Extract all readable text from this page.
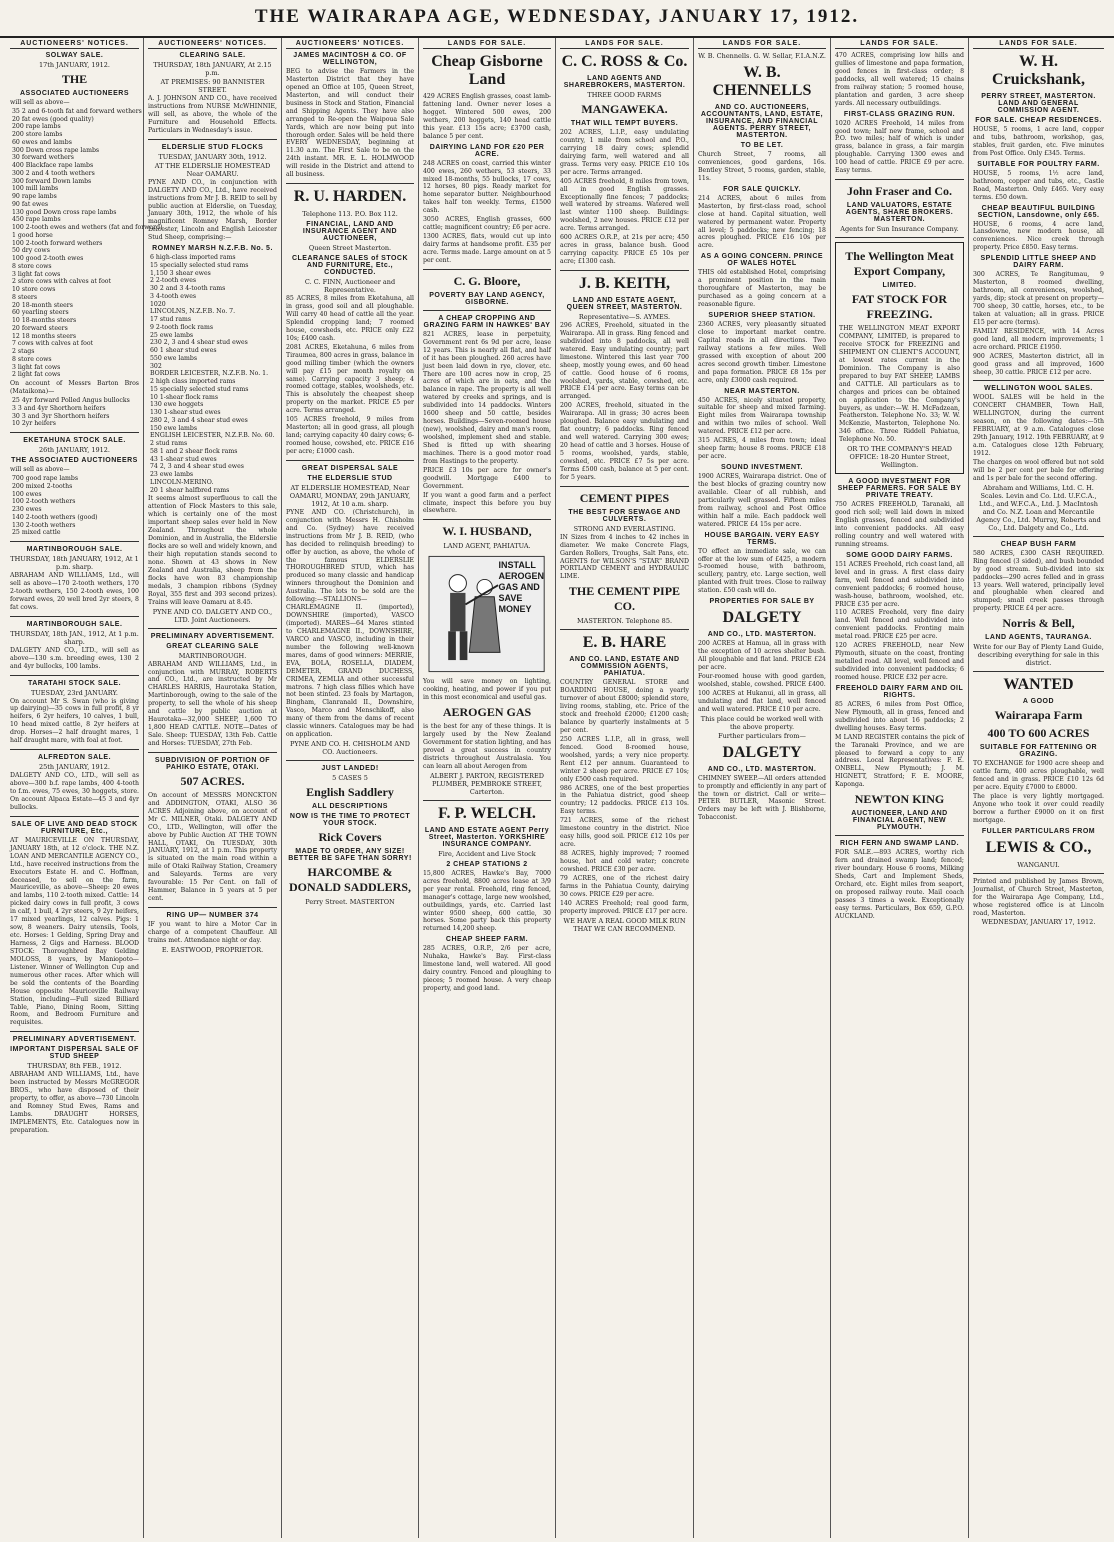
THE WAIRARAPA AGE, WEDNESDAY, JANUARY 17, 1912.
AUCTIONEERS' NOTICES.
SOLWAY SALE.
17th JANUARY, 1912.
THE
ASSOCIATED AUCTIONEERS
will sell as above—
35 2 and 6-tooth fat and forward wethers
20 fat ewes (good quality)
200 rape lambs
200 store lambs
60 ewes and lambs
300 Down cross rape lambs
30 forward wethers
400 Blackface rape lambs
300 2 and 4 tooth wethers
300 forward Down lambs
100 mill lambs
90 rape lambs
90 fat ewes
130 good Down cross rape lambs
450 rape lambs
100 2-tooth ewes and wethers (fat and forward)
1 good horse
100 2-tooth forward wethers
50 dry cows
100 good 2-tooth ewes
8 store cows
3 light fat cows
2 store cows with calves at foot
10 store cows
8 steers
20 18-month steers
60 yearling steers
10 18-months steers
20 forward steers
12 18 months steers
7 cows with calves at foot
2 stags
8 store cows
3 light fat cows
2 light fat cows
On account of Messrs Barton Bros (Mataikona)—
25 4yr forward Polled Angus bullocks
3 3 and 4yr Shorthorn heifers
30 3 and 3yr Shorthorn heifers
10 2yr heifers
EKETAHUNA STOCK SALE.
26th JANUARY, 1912.
THE ASSOCIATED AUCTIONEERS
will sell as above—
700 good rape lambs
200 mixed 2-tooths
100 ewes
100 2-tooth wethers
230 ewes
140 2-tooth wethers (good)
130 2-tooth wethers
25 mixed cattle
MARTINBOROUGH SALE.
THURSDAY, 18th JANUARY, 1912, At 1 p.m. sharp.
ABRAHAM AND WILLIAMS, Ltd., will sell as above—170 2-tooth wethers, 170 2-tooth wethers, 150 2-tooth ewes, 100 forward ewes, 20 well bred 2yr steers, 8 fat cows.
MARTINBOROUGH SALE.
THURSDAY, 18th JAN., 1912, At 1 p.m. sharp.
DALGETY AND CO., LTD., will sell as above—130 s.m. breeding ewes, 130 2 and 4yr bullocks, 100 lambs.
TARATAHI STOCK SALE.
TUESDAY, 23rd JANUARY.
On account Mr S. Swan (who is giving up dairying)—35 cows in full profit, 8 yr heifers, 6 2yr heifers, 10 calves, 1 bull, 10 head mixed cattle, 8 2yr heifers at drop. Horses—2 half draught mares, 1 half draught mare, with foal at foot.
ALFREDTON SALE.
25th JANUARY, 1912.
DALGETY AND CO., LTD., will sell as above—300 b.f. rape lambs, 400 4-tooth to f.m. ewes, 75 ewes, 30 hoggets, store. On account Alpaca Estate—45 3 and 4yr bullocks.
SALE OF LIVE AND DEAD STOCK FURNITURE, Etc.,
AT MAURICEVILLE ON THURSDAY, JANUARY 18th, at 12 o'clock. THE N.Z. LOAN AND MERCANTILE AGENCY CO., Ltd., have received instructions from the Executors Estate H. and C. Hoffman, deceased, to sell on the farm, Mauriceville, as above—Sheep: 20 ewes and lambs, 110 2-tooth mixed. Cattle: 14 picked dairy cows in full profit, 3 cows in calf, 1 bull, 4 2yr steers, 9 2yr heifers, 17 mixed yearlings, 12 calves. Pigs: 1 sow, 8 weaners. Dairy utensils, Tools, etc. Horses: 1 Gelding, Spring Dray and Harness, 2 Gigs and Harness. BLOOD STOCK: Thoroughbred Bay Gelding MOLOSS, 8 years, by Maniopoto—Listener. Winner of Wellington Cup and numerous other races. After which will be sold the contents of the Boarding House opposite Mauriceville Railway Station, including—Full sized Billiard Table, Piano, Dining Room, Sitting Room, and Bedroom Furniture and requisites.
PRELIMINARY ADVERTISEMENT.
IMPORTANT DISPERSAL SALE OF STUD SHEEP
THURSDAY, 8th FEB., 1912.
ABRAHAM AND WILLIAMS, Ltd., have been instructed by Messrs McGREGOR BROS., who have disposed of their property, to offer, as above—730 Lincoln and Romney Stud Ewes, Rams and Lambs. DRAUGHT HORSES, IMPLEMENTS, Etc. Catalogues now in preparation.
AUCTIONEERS' NOTICES.
CLEARING SALE.
THURSDAY, 18th JANUARY, At 2.15 p.m.
AT PREMISES: 90 BANNISTER STREET.
A. J. JOHNSON AND CO., have received instructions from NURSE McWHINNIE, will sell, as above, the whole of the Furniture and Household Effects. Particulars in Wednesday's issue.
ELDERSLIE STUD FLOCKS
TUESDAY, JANUARY 30th, 1912.
AT THE ELDERSLIE HOMESTEAD Near OAMARU.
PYNE AND CO., in conjunction with DALGETY AND CO., Ltd., have received instructions from Mr J. B. REID to sell by public auction at Elderslie, on Tuesday, January 30th, 1912, the whole of his magnificent Romney Marsh, Border Leicester, Lincoln and English Leicester Stud Sheep, comprising:—
ROMNEY MARSH N.Z.F.B. No. 5.
6 high-class imported rams
15 specially selected stud rams
1,150 3 shear ewes
2 2-tooth ewes
30 2 and 3 4-tooth rams
3 4-tooth ewes
1020
LINCOLNS, N.Z.F.B. No. 7.
17 stud rams
9 2-tooth flock rams
25 ewe lambs
230 2, 3 and 4 shear stud ewes
60 1 shear stud ewes
550 ewe lambs
302
BORDER LEICESTER, N.Z.F.B. No. 1.
2 high class imported rams
15 specially selected stud rams
10 1-shear flock rams
130 ewe hoggets
130 1-shear stud ewes
280 2, 3 and 4 shear stud ewes
150 ewe lambs
ENGLISH LEICESTER, N.Z.F.B. No. 60.
2 stud rams
58 1 and 2 shear flock rams
43 1-shear stud ewes
74 2, 3 and 4 shear stud ewes
23 ewe lambs
LINCOLN-MERINO.
20 1 shear halfbred rams
It seems almost superfluous to call the attention of Flock Masters to this sale, which is certainly one of the most important sheep sales ever held in New Zealand. Throughout the whole Dominion, and in Australia, the Elderslie flocks are so well and widely known, and their high reputation stands second to none. Shown at 43 shows in New Zealand and Australia, sheep from the flocks have won 83 championship medals, 3 champion ribbons (Sydney Royal, 355 first and 393 second prizes). Trains will leave Oamaru at 8.45.
PYNE AND CO. DALGETY AND CO., LTD. Joint Auctioneers.
PRELIMINARY ADVERTISEMENT.
GREAT CLEARING SALE
MARTINBOROUGH.
ABRAHAM AND WILLIAMS, Ltd., in conjunction with MURRAY, ROBERTS and CO., Ltd., are instructed by Mr CHARLES HARRIS, Haurotaka Station, Martinborough, owing to the sale of the property, to sell the whole of his sheep and cattle by public auction at Haurotaka—32,000 SHEEP, 1,600 TO 1,800 HEAD CATTLE. NOTE—Dates of Sale. Sheep: TUESDAY, 13th Feb. Cattle and Horses: TUESDAY, 27th Feb.
SUBDIVISION OF PORTION OF PAHIKO ESTATE, OTAKI.
507 ACRES.
On account of MESSRS MONCKTON and ADDINGTON, OTAKI, ALSO 36 ACRES Adjoining above, on account of Mr C. MILNER, Otaki. DALGETY AND CO., LTD., Wellington, will offer the above by Public Auction AT THE TOWN HALL, OTAKI, On TUESDAY, 30th JANUARY, 1912, at 1 p.m. This property is situated on the main road within a mile of Otaki Railway Station, Creamery and Saleyards. Terms are very favourable: 15 Per Cent. on fall of Hammer, Balance in 5 years at 5 per cent.
RING UP— NUMBER 374
IF you want to hire a Motor Car in charge of a competent Chauffeur. All trains met. Attendance night or day.
E. EASTWOOD, PROPRIETOR.
AUCTIONEERS' NOTICES.
JAMES MACINTOSH & CO. OF WELLINGTON,
BEG to advise the Farmers in the Masterton District that they have opened an Office at 105, Queen Street, Masterton, and will conduct their business in Stock and Station, Financial and Shipping Agents. They have also arranged to Re-open the Waipoua Sale Yards, which are now being put into thorough order. Sales will be held there EVERY WEDNESDAY, beginning at 11.30 a.m. The First Sale to be on the 24th instant. MR. E. L. HOLMWOOD will reside in the District and attend to all business.
R. U. HARDEN.
Telephone 113. P.O. Box 112.
FINANCIAL, LAND AND INSURANCE AGENT AND AUCTIONEER,
Queen Street Masterton.
CLEARANCE SALES of STOCK AND FURNITURE, Etc., CONDUCTED.
C. C. FINN, Auctioneer and Representative.
85 ACRES, 8 miles from Eketahuna, all in grass, good soil and all ploughable. Will carry 40 head of cattle all the year. Splendid cropping land; 7 roomed house, cowsheds, etc. PRICE only £22 10s; £400 cash.
2081 ACRES, Eketahuna, 6 miles from Tiraumea, 800 acres in grass, balance in good milling timber (which the owners will pay £15 per month royalty on same). Carrying capacity 3 sheep; 4 roomed cottage, stables, woolsheds, etc. This is absolutely the cheapest sheep property on the market. PRICE £5 per acre. Terms arranged.
105 ACRES freehold, 9 miles from Masterton; all in good grass, all plough land; carrying capacity 40 dairy cows; 6-roomed house, cowshed, etc. PRICE £16 per acre; £1000 cash.
GREAT DISPERSAL SALE
THE ELDERSLIE STUD
AT ELDERSLIE HOMESTEAD, Near OAMARU, MONDAY, 29th JANUARY, 1912, At 10 a.m. sharp.
PYNE AND CO. (Christchurch), in conjunction with Messrs H. Chisholm and Co. (Sydney) have received instructions from Mr J. B. REID, (who has decided to relinquish breeding) to offer by auction, as above, the whole of the famous ELDERSLIE THOROUGHBRED STUD, which has produced so many classic and handicap winners throughout the Dominion and Australia. The lots to be sold are the following:—STALLIONS—CHARLEMAGNE II. (imported), DOWNSHIRE (imported), VASCO (imported). MARES—64 Mares stinted to CHARLEMAGNE II., DOWNSHIRE, VARCO and VASCO, including in their number the following well-known mares, dams of good winners: MERRIE, EVA, BOLA, ROSELLA, DIADEM, DEMETER, GRAND DUCHESS, CRIMEA, ZEMLIA and other successful matrons. 7 high class fillies which have not been stinted. 23 foals by Martagon, Bingham, Clanranald II., Downshire, Vasco, Marco and Menschikoff, also many of them from the dams of recent classic winners. Catalogues may be had on application.
PYNE AND CO. H. CHISHOLM AND CO. Auctioneers.
JUST LANDED!
5 CASES 5
English Saddlery
ALL DESCRIPTIONS
NOW IS THE TIME TO PROTECT YOUR STOCK.
Rick Covers
MADE TO ORDER, ANY SIZE! BETTER BE SAFE THAN SORRY!
HARCOMBE & DONALD SADDLERS,
Perry Street. MASTERTON
LANDS FOR SALE.
Cheap Gisborne Land
429 ACRES English grasses, coast lamb-fattening land. Owner never loses a hogget. Wintered 500 ewes, 200 wethers, 200 hoggets, 140 head cattle this year. £13 15s acre; £3700 cash, balance 5 per cent.
DAIRYING LAND FOR £20 PER ACRE.
248 ACRES on coast, carried this winter 400 ewes, 260 wethers, 53 steers, 33 mixed 18-months, 55 bullocks, 17 cows, 12 horses, 80 pigs. Ready market for home separator butter. Neighbourhood takes half ton weekly. Terms, £1500 cash.
3050 ACRES, English grasses, 600 cattle; magnificent country; £6 per acre.
1300 ACRES, flats, would cut up into dairy farms at handsome profit. £35 per acre. Terms made. Large amount on at 5 per cent.
C. G. Bloore,
POVERTY BAY LAND AGENCY, GISBORNE.
A CHEAP CROPPING AND GRAZING FARM IN HAWKES' BAY
821 ACRES, lease in perpetuity, Government rent 6s 9d per acre, lease 12 years. This is nearly all flat, and half of it has been ploughed. 260 acres have just been laid down in rye, clover, etc. There are 100 acres now in crop, 25 acres of which are in oats, and the balance in rape. The property is all well watered by creeks and springs, and is subdivided into 14 paddocks. Winters 1600 sheep and 50 cattle, besides horses. Buildings—Seven-roomed house (new), woolshed, dairy and man's room, woolshed, implement shed and stable. Shed is fitted up with shearing machines. There is a good motor road from Hastings to the property.
PRICE £3 10s per acre for owner's goodwill. Mortgage £400 to Government.
If you want a good farm and a perfect climate, inspect this before you buy elsewhere.
W. I. HUSBAND,
LAND AGENT, PAHIATUA.
INSTALL AEROGEN GAS AND SAVE MONEY
You will save money on lighting, cooking, heating, and power if you put in this most economical and useful gas.
AEROGEN GAS
is the best for any of these things. It is largely used by the New Zealand Government for station lighting, and has proved a great success in country districts throughout Australasia. You can learn all about Aerogen from
ALBERT J. PARTON, REGISTERED PLUMBER, PEMBROKE STREET, Carterton.
F. P. WELCH.
LAND AND ESTATE AGENT Perry Street, Masterton. YORKSHIRE INSURANCE COMPANY.
Fire, Accident and Live Stock
2 CHEAP STATIONS 2
15,800 ACRES, Hawke's Bay, 7000 acres freehold, 8800 acres lease at 3/9 per year rental. Freehold, ring fenced, manager's cottage, large new woolshed, outbuildings, yards, etc. Carried last winter 9500 sheep, 600 cattle, 30 horses. Some party back this property returned 14,200 sheep.
CHEAP SHEEP FARM.
285 ACRES, O.R.P., 2/6 per acre, Nuhaka, Hawke's Bay. First-class limestone land, well watered. All good dairy country. Fenced and ploughing to pieces; 5 roomed house. A very cheap property, and good land.
LANDS FOR SALE.
C. C. ROSS & Co.
LAND AGENTS AND SHAREBROKERS, MASTERTON.
THREE GOOD FARMS
MANGAWEKA.
THAT WILL TEMPT BUYERS.
202 ACRES, L.I.P., easy undulating country, 1 mile from school and P.O., carrying 18 dairy cows; splendid dairying farm, well watered and all grass. Terms very easy. PRICE £10 10s per acre. Terms arranged.
405 ACRES freehold, 8 miles from town, all in good English grasses. Exceptionally fine fences; 7 paddocks; well watered by streams. Watered well last winter 1100 sheep. Buildings: woolshed, 2 new houses. PRICE £12 per acre. Terms arranged.
600 ACRES O.R.P., at 21s per acre; 450 acres in grass, balance bush. Good carrying capacity. PRICE £5 10s per acre; £1300 cash.
J. B. KEITH,
LAND AND ESTATE AGENT, QUEEN STREET, MASTERTON.
Representative—S. AYMES.
296 ACRES, Freehold, situated in the Wairarapa. All in grass. Ring fenced and subdivided into 8 paddocks, all well watered. Easy undulating country; part limestone. Wintered this last year 700 sheep, mostly young ewes, and 60 head of cattle. Good house of 6 rooms, woolshed, yards, stable, cowshed, etc. PRICE £14 per acre. Easy terms can be arranged.
200 ACRES, freehold, situated in the Wairarapa. All in grass; 30 acres been ploughed. Balance easy undulating and flat country; 6 paddocks. Ring fenced and well watered. Carrying 300 ewes; 20 head of cattle and 3 horses. House of 5 rooms, woolshed, yards, stable, cowshed, etc. PRICE £7 5s per acre. Terms £500 cash, balance at 5 per cent. for 5 years.
CEMENT PIPES
THE BEST FOR SEWAGE AND CULVERTS.
STRONG AND EVERLASTING.
IN Sizes from 4 inches to 42 inches in diameter. We make Concrete Flags, Garden Rollers, Troughs, Salt Pans, etc. AGENTS for WILSON'S "STAR" BRAND PORTLAND CEMENT and HYDRAULIC LIME.
THE CEMENT PIPE CO.
MASTERTON. Telephone 85.
E. B. HARE
AND CO. LAND, ESTATE AND COMMISSION AGENTS, PAHIATUA.
COUNTRY GENERAL STORE and BOARDING HOUSE, doing a yearly turnover of about £8000; splendid store, living rooms, stabling, etc. Price of the stock and freehold £2000; £1200 cash; balance by quarterly instalments at 5 per cent.
250 ACRES L.I.P., all in grass, well fenced. Good 8-roomed house, woolshed, yards; a very nice property. Rent £12 per annum. Guaranteed to winter 2 sheep per acre. PRICE £7 10s; only £500 cash required.
986 ACRES, one of the best properties in the Pahiatua district, good sheep country; 12 paddocks. PRICE £13 10s. Easy terms.
721 ACRES, some of the richest limestone country in the district. Nice easy hills, good soil. PRICE £12 10s per acre.
88 ACRES, highly improved; 7 roomed house, hot and cold water; concrete cowshed. PRICE £30 per acre.
79 ACRES, one of the richest dairy farms in the Pahiatua County, dairying 30 cows. PRICE £29 per acre.
140 ACRES Freehold; real good farm, property improved. PRICE £17 per acre.
WE HAVE A REAL GOOD MILK RUN THAT WE CAN RECOMMEND.
LANDS FOR SALE.
W. B. Chennells. G. W. Sellar, F.I.A.N.Z.
W. B. CHENNELLS
AND CO. AUCTIONEERS, ACCOUNTANTS, LAND, ESTATE, INSURANCE, AND FINANCIAL AGENTS. PERRY STREET, MASTERTON.
TO BE LET.
Church Street, 7 rooms, all conveniences, good gardens, 16s. Bentley Street, 5 rooms, garden, stable, 11s.
FOR SALE QUICKLY.
214 ACRES, about 6 miles from Masterton, by first-class road, school close at hand. Capital situation, well watered by permanent water. Property all level; 5 paddocks; new fencing; 18 acres ploughed. PRICE £16 10s per acre.
AS A GOING CONCERN. PRINCE OF WALES HOTEL
THIS old established Hotel, comprising a prominent position in the main thoroughfare of Masterton, may be purchased as a going concern at a reasonable figure.
SUPERIOR SHEEP STATION.
2360 ACRES, very pleasantly situated close to important market centre. Capital roads in all directions. Two railway stations a few miles. Well grassed with exception of about 200 acres second growth timber. Limestone and papa formation. PRICE £8 15s per acre, only £3000 cash required.
NEAR MASTERTON.
450 ACRES, nicely situated property, suitable for sheep and mixed farming. Eight miles from Wairarapa township and within two miles of school. Well watered. PRICE £12 per acre.
315 ACRES, 4 miles from town; ideal sheep farm; house 8 rooms. PRICE £18 per acre.
SOUND INVESTMENT.
1900 ACRES, Wairarapa district. One of the best blocks of grazing country now available. Clear of all rubbish, and particularly well grassed. Fifteen miles from railway, school and Post Office within half a mile. Each paddock well watered. PRICE £4 15s per acre.
HOUSE BARGAIN. VERY EASY TERMS.
TO effect an immediate sale, we can offer at the low sum of £425, a modern 5-roomed house, with bathroom, scullery, pantry, etc. Large section, well planted with fruit trees. Close to railway station. £50 cash will do.
PROPERTIES FOR SALE BY
DALGETY
AND CO., LTD. MASTERTON.
200 ACRES at Hamua, all in grass with the exception of 10 acres shelter bush. All ploughable and flat land. PRICE £24 per acre.
Four-roomed house with good garden, woolshed, stable, cowshed. PRICE £400.
100 ACRES at Hukanui, all in grass, all undulating and flat land, well fenced and well watered. PRICE £10 per acre.
This place could be worked well with the above property.
Further particulars from—
DALGETY
AND CO., LTD. MASTERTON.
CHIMNEY SWEEP.—All orders attended to promptly and efficiently in any part of the town or district. Call or write— PETER BUTLER, Masonic Street. Orders may be left with J. Blishborne, Tobacconist.
LANDS FOR SALE.
470 ACRES, comprising low hills and gullies of limestone and papa formation, good fences in first-class order; 8 paddocks, all well watered; 15 chains from railway station; 5 roomed house, plantation and garden, 3 acre sheep yards. All necessary outbuildings.
FIRST-CLASS GRAZING RUN.
1020 ACRES Freehold, 14 miles from good town; half new frame, school and P.O. two miles; half of which is under grass, balance in grass, a fair margin ploughable. Carrying 1300 ewes and 100 head of cattle. PRICE £9 per acre. Easy terms.
John Fraser and Co.
LAND VALUATORS, ESTATE AGENTS, SHARE BROKERS. MASTERTON.
Agents for Sun Insurance Company.
The Wellington Meat Export Company,
LIMITED.
FAT STOCK FOR FREEZING.
THE WELLINGTON MEAT EXPORT COMPANY, LIMITED, is prepared to receive STOCK for FREEZING and SHIPMENT ON CLIENT'S ACCOUNT, at lowest rates current in the Dominion. The Company is also prepared to buy FAT SHEEP, LAMBS and CATTLE. All particulars as to charges and prices can be obtained on application to the Company's buyers, as under:—W. H. McFadzean, Featherston. Telephone No. 33; W. W. McKenzie, Masterton, Telephone No. 346 office. Three Riddell Pahiatua, Telephone No. 50.
OR TO THE COMPANY'S HEAD OFFICE: 18-20 Hunter Street, Wellington.
A GOOD INVESTMENT FOR SHEEP FARMERS. FOR SALE BY PRIVATE TREATY.
750 ACRES FREEHOLD, Taranaki, all good rich soil; well laid down in mixed English grasses, fenced and subdivided into convenient paddocks. All easy rolling country and well watered with running streams.
SOME GOOD DAIRY FARMS.
151 ACRES Freehold, rich coast land, all level and in grass. A first class dairy farm, well fenced and subdivided into convenient paddocks; 6 roomed house, wash-house, bathroom, woolshed, etc. PRICE £35 per acre.
110 ACRES Freehold, very fine dairy land. Well fenced and subdivided into convenient paddocks. Fronting main metal road. PRICE £25 per acre.
120 ACRES FREEHOLD, near New Plymouth, situate on the coast, fronting metalled road. All level, well fenced and subdivided into convenient paddocks; 6 roomed house. PRICE £32 per acre.
FREEHOLD DAIRY FARM AND OIL RIGHTS.
85 ACRES, 6 miles from Post Office, New Plymouth, all in grass, fenced and subdivided into about 16 paddocks; 2 dwelling houses. Easy terms.
M LAND REGISTER contains the pick of the Taranaki Province, and we are pleased to forward a copy to any address. Local Representatives: F. E. ONBELL, New Plymouth; J. M. HIGNETT, Stratford; F. E. MOORE, Kaponga.
NEWTON KING
AUCTIONEER, LAND AND FINANCIAL AGENT, NEW PLYMOUTH.
RICH FERN AND SWAMP LAND.
FOR SALE.—893 ACRES, worthy rich fern and drained swamp land; fenced; river boundary. House 6 rooms, Milking Sheds, Cart and Implement Sheds, Orchard, etc. Eight miles from seaport, on proposed railway route. Mail coach passes 3 times a week. Exceptionally easy terms. Particulars, Box 659, G.P.O. AUCKLAND.
LANDS FOR SALE.
W. H. Cruickshank,
PERRY STREET, MASTERTON. LAND AND GENERAL COMMISSION AGENT.
FOR SALE. CHEAP RESIDENCES.
HOUSE, 5 rooms, 1 acre land, copper and tubs, bathroom, workshop, gas, stables, fruit garden, etc. Five minutes from Post Office. Only £345. Terms.
SUITABLE FOR POULTRY FARM.
HOUSE, 5 rooms, 1½ acre land, bathroom, copper and tubs, etc., Castle Road, Masterton. Only £465. Very easy terms. £50 down.
CHEAP BEAUTIFUL BUILDING SECTION, Lansdowne, only £65.
HOUSE, 6 rooms, 4 acre land, Lansdowne, new modern house, all conveniences. Nice creek through property. Price £850. Easy terms.
SPLENDID LITTLE SHEEP AND DAIRY FARM.
300 ACRES, Te Rangitumau, 9 Masterton, 8 roomed dwelling, bathroom, all conveniences, woolshed, yards, dip; stock at present on property—700 sheep, 30 cattle, horses, etc., to be taken at valuation; all in grass. PRICE £15 per acre (terms).
FAMILY RESIDENCE, with 14 Acres good land, all modern improvements; 1 acre orchard. PRICE £1950.
900 ACRES, Masterton district, all in good grass and all improved, 1600 sheep, 30 cattle. PRICE £12 per acre.
WELLINGTON WOOL SALES.
WOOL SALES will be held in the CONCERT CHAMBER, Town Hall, WELLINGTON, during the current season, on the following dates:—5th FEBRUARY, at 9 a.m. Catalogues close 29th January, 1912. 19th FEBRUARY, at 9 a.m. Catalogues close 12th February, 1912.
The charges on wool offered but not sold will be 2 per cent per bale for offering and 1s per bale for the second offering.
Abraham and Williams, Ltd. C. H. Scales. Levin and Co. Ltd. U.F.C.A., Ltd., and W.F.C.A., Ltd. J. MacIntosh and Co. N.Z. Loan and Mercantile Agency Co., Ltd. Murray, Roberts and Co., Ltd. Dalgety and Co., Ltd.
CHEAP BUSH FARM
580 ACRES, £300 CASH REQUIRED. Ring fenced (3 sided), and bush bounded by good stream. Sub-divided into six paddocks—290 acres felled and in grass 13 years. Well watered, principally level and ploughable when cleared and stumped; small creek passes through property. PRICE £4 per acre.
Norris & Bell,
LAND AGENTS, TAURANGA.
Write for our Bay of Plenty Land Guide, describing everything for sale in this district.
WANTED
A GOOD
Wairarapa Farm
400 TO 600 ACRES
SUITABLE FOR FATTENING OR GRAZING.
TO EXCHANGE for 1900 acre sheep and cattle farm, 400 acres ploughable, well fenced and in grass. PRICE £10 12s 6d per acre. Equity £7000 to £8000.
The place is very lightly mortgaged. Anyone who took it over could readily borrow a further £9000 on it on first mortgage.
FULLER PARTICULARS FROM
LEWIS & CO.,
WANGANUI.
Printed and published by James Brown, Journalist, of Church Street, Masterton, for the Wairarapa Age Company, Ltd., whose registered office is at Lincoln road, Masterton.
WEDNESDAY, JANUARY 17, 1912.
